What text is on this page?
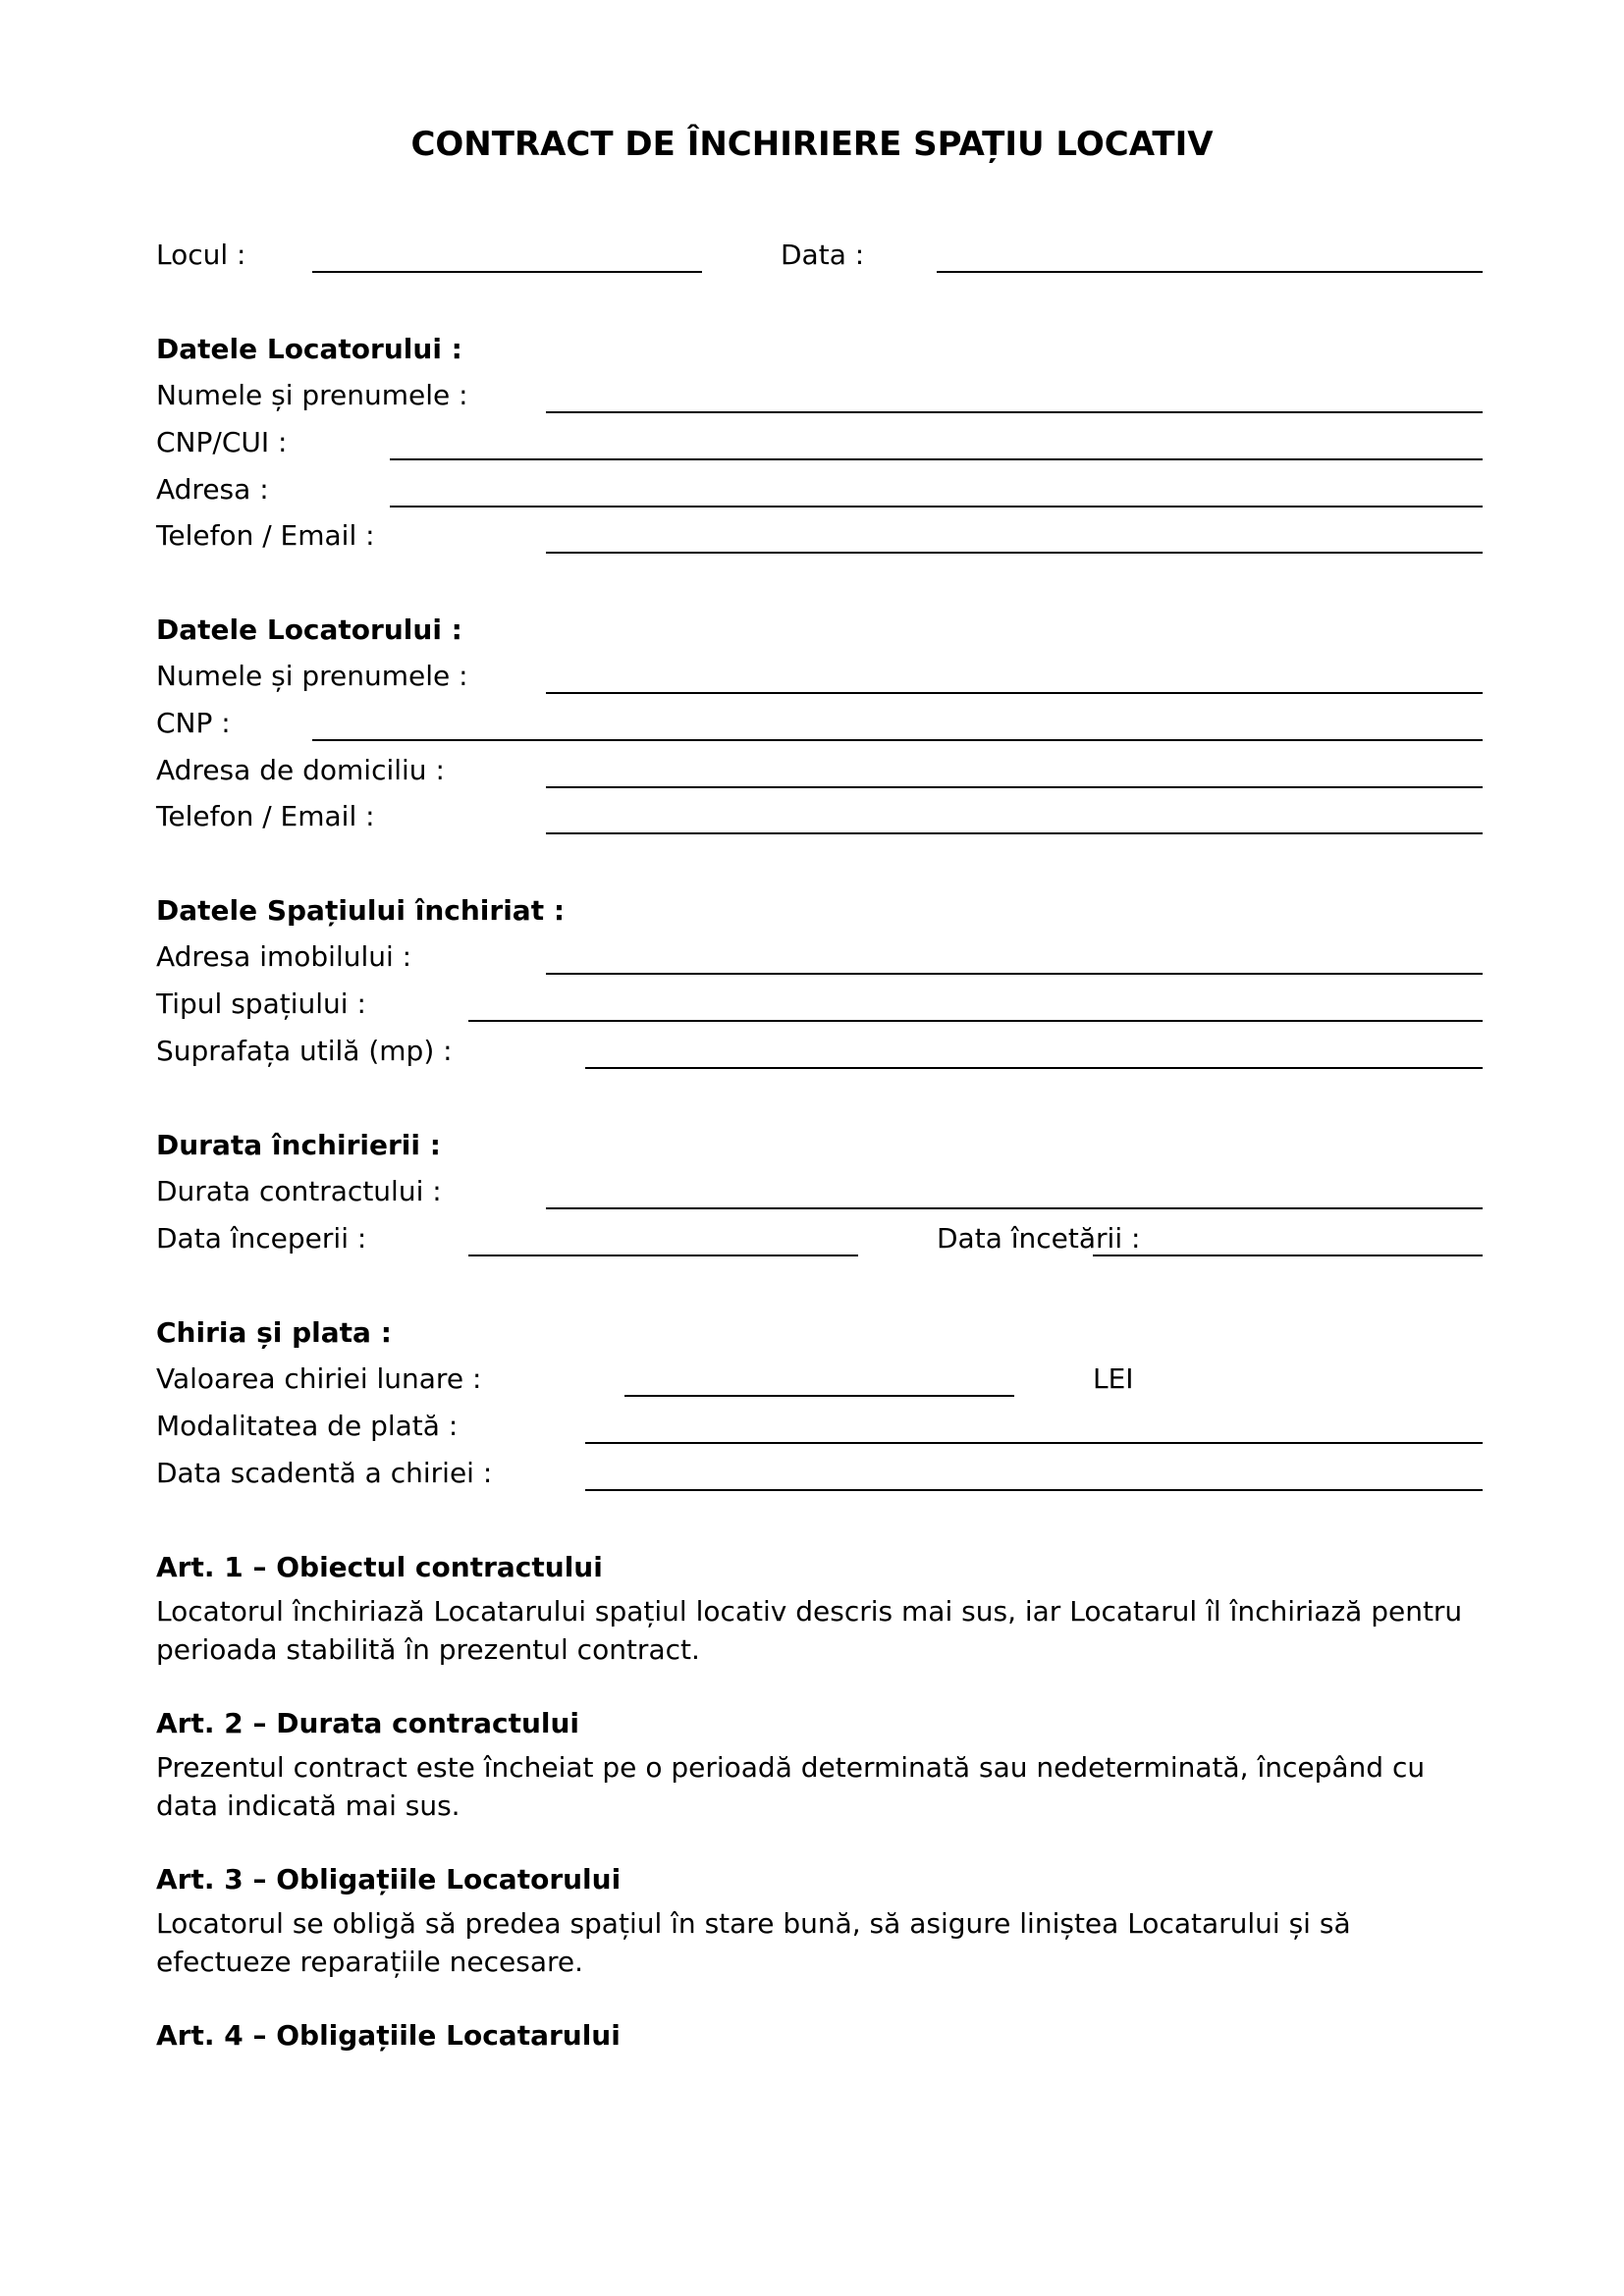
CONTRACT DE ÎNCHIRIERE SPAȚIU LOCATIV
Locul :	Data :
Datele Locatorului :
Numele și prenumele :
CNP/CUI :
Adresa :
Telefon / Email :
Datele Locatorului :
Numele și prenumele :
CNP :
Adresa de domiciliu :
Telefon / Email :
Datele Spațiului închiriat :
Adresa imobilului :
Tipul spațiului :
Suprafața utilă (mp) :
Durata închirierii :
Durata contractului :
Data începerii :	Data încetării :
Chiria și plata :
Valoarea chiriei lunare :	LEI
Modalitatea de plată :
Data scadentă a chiriei :
Art. 1 – Obiectul contractului
Locatorul închiriază Locatarului spațiul locativ descris mai sus, iar Locatarul îl închiriază pentru perioada stabilită în prezentul contract.
Art. 2 – Durata contractului
Prezentul contract este încheiat pe o perioadă determinată sau nedeterminată, începând cu data indicată mai sus.
Art. 3 – Obligațiile Locatorului
Locatorul se obligă să predea spațiul în stare bună, să asigure liniștea Locatarului și să efectueze reparațiile necesare.
Art. 4 – Obligațiile Locatarului
